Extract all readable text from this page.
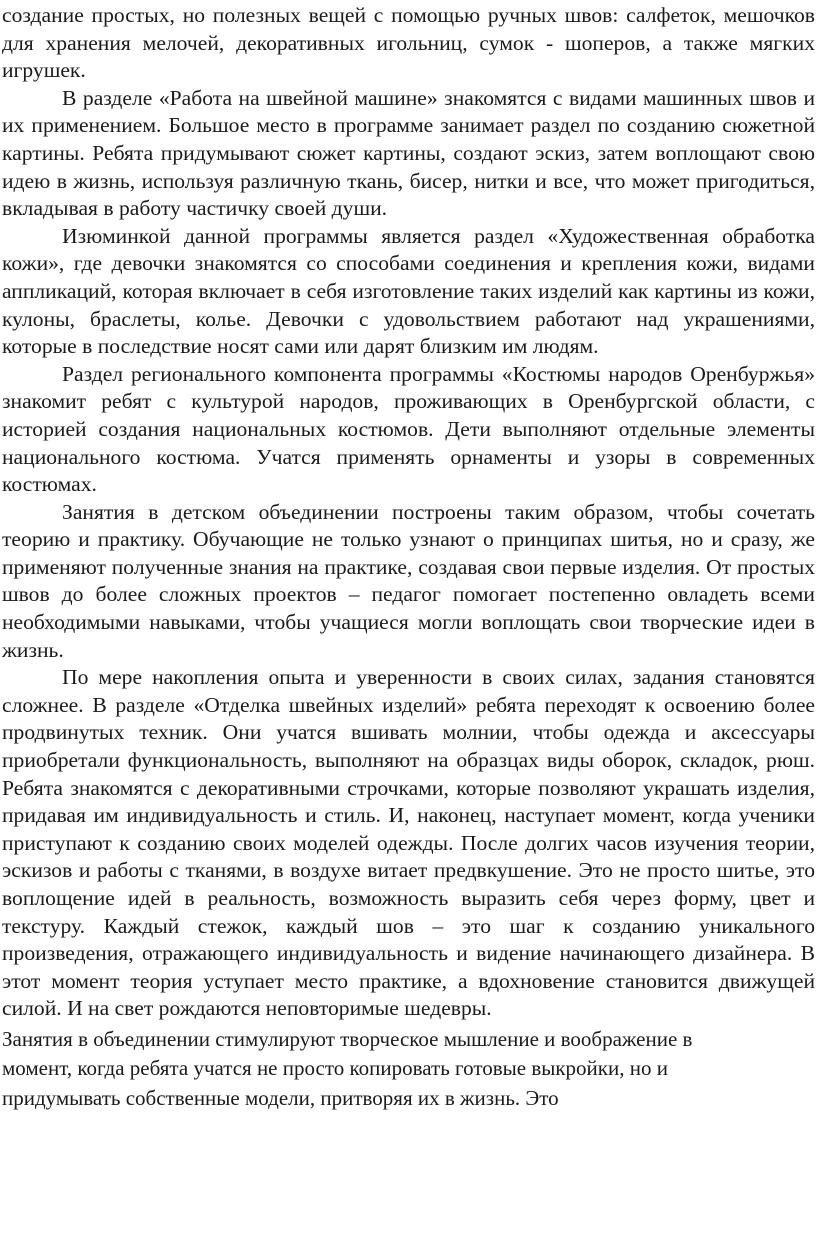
создание простых, но полезных вещей с помощью ручных швов: салфеток, мешочков для хранения мелочей, декоративных игольниц, сумок - шоперов, а также мягких игрушек.

В разделе «Работа на швейной машине» знакомятся с видами машинных швов и их применением. Большое место в программе занимает раздел по созданию сюжетной картины. Ребята придумывают сюжет картины, создают эскиз, затем воплощают свою идею в жизнь, используя различную ткань, бисер, нитки и все, что может пригодиться, вкладывая в работу частичку своей души.

Изюминкой данной программы является раздел «Художественная обработка кожи», где девочки знакомятся со способами соединения и крепления кожи, видами аппликаций, которая включает в себя изготовление таких изделий как картины из кожи, кулоны, браслеты, колье. Девочки с удовольствием работают над украшениями, которые в последствие носят сами или дарят близким им людям.

Раздел регионального компонента программы «Костюмы народов Оренбуржья» знакомит ребят с культурой народов, проживающих в Оренбургской области, с историей создания национальных костюмов. Дети выполняют отдельные элементы национального костюма. Учатся применять орнаменты и узоры в современных костюмах.

Занятия в детском объединении построены таким образом, чтобы сочетать теорию и практику. Обучающие не только узнают о принципах шитья, но и сразу, же применяют полученные знания на практике, создавая свои первые изделия. От простых швов до более сложных проектов – педагог помогает постепенно овладеть всеми необходимыми навыками, чтобы учащиеся могли воплощать свои творческие идеи в жизнь.

По мере накопления опыта и уверенности в своих силах, задания становятся сложнее. В разделе «Отделка швейных изделий» ребята переходят к освоению более продвинутых техник. Они учатся вшивать молнии, чтобы одежда и аксессуары приобретали функциональность, выполняют на образцах виды оборок, складок, рюш. Ребята знакомятся с декоративными строчками, которые позволяют украшать изделия, придавая им индивидуальность и стиль. И, наконец, наступает момент, когда ученики приступают к созданию своих моделей одежды. После долгих часов изучения теории, эскизов и работы с тканями, в воздухе витает предвкушение. Это не просто шитье, это воплощение идей в реальность, возможность выразить себя через форму, цвет и текстуру. Каждый стежок, каждый шов – это шаг к созданию уникального произведения, отражающего индивидуальность и видение начинающего дизайнера. В этот момент теория уступает место практике, а вдохновение становится движущей силой. И на свет рождаются неповторимые шедевры.

Занятия в объединении стимулируют творческое мышление и воображение в
момент, когда ребята учатся не просто копировать готовые выкройки, но и
придумывать собственные модели, притворяя их в жизнь. Это
